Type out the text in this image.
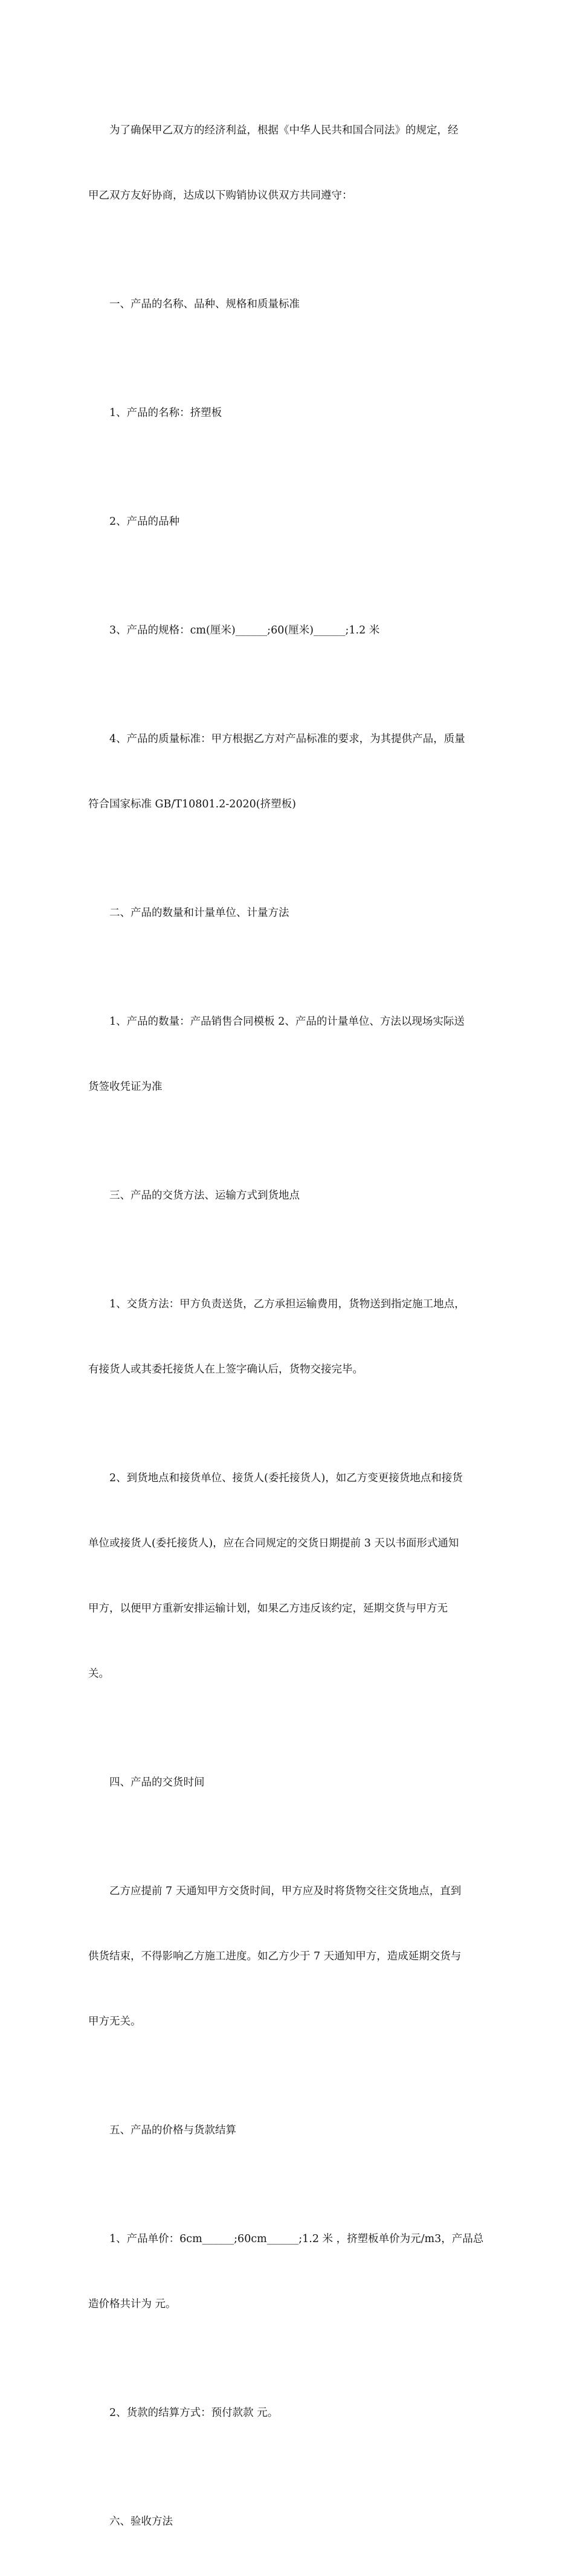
为了确保甲乙双方的经济利益，根据《中华人民共和国合同法》的规定，经

甲乙双方友好协商，达成以下购销协议供双方共同遵守：

一、产品的名称、品种、规格和质量标准

1、产品的名称：挤塑板

2、产品的品种

3、产品的规格：cm(厘米)______;60(厘米)______;1.2 米

4、产品的质量标准：甲方根据乙方对产品标准的要求，为其提供产品，质量

符合国家标准 GB/T10801.2-2020(挤塑板)

二、产品的数量和计量单位、计量方法

1、产品的数量：产品销售合同模板 2、产品的计量单位、方法以现场实际送

货签收凭证为准

三、产品的交货方法、运输方式到货地点

1、交货方法：甲方负责送货，乙方承担运输费用，货物送到指定施工地点，

有接货人或其委托接货人在上签字确认后，货物交接完毕。

2、到货地点和接货单位、接货人(委托接货人)，如乙方变更接货地点和接货

单位或接货人(委托接货人)，应在合同规定的交货日期提前 3 天以书面形式通知

甲方，以便甲方重新安排运输计划，如果乙方违反该约定，延期交货与甲方无

关。

四、产品的交货时间

乙方应提前 7 天通知甲方交货时间，甲方应及时将货物交往交货地点，直到

供货结束，不得影响乙方施工进度。如乙方少于 7 天通知甲方，造成延期交货与

甲方无关。

五、产品的价格与货款结算

1、产品单价：6cm______;60cm______;1.2 米 ，挤塑板单价为元/m3，产品总

造价格共计为 元。

2、货款的结算方式：预付款款 元。

六、验收方法
